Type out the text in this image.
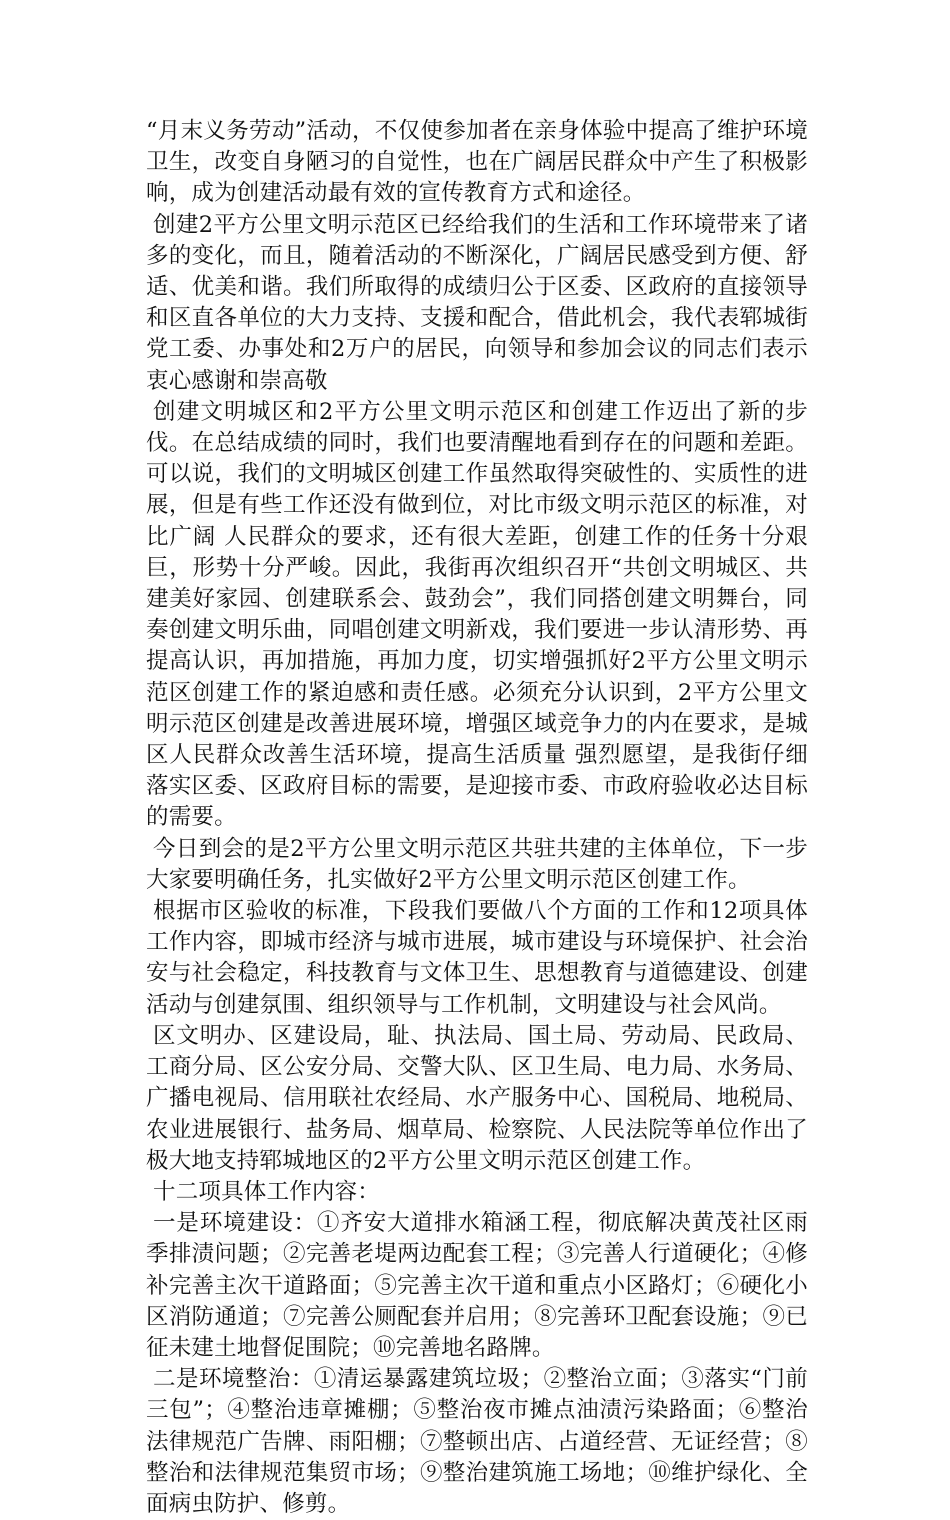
“月末义务劳动”活动，不仅使参加者在亲身体验中提高了维护环境卫生，改变自身陋习的自觉性，也在广阔居民群众中产生了积极影响，成为创建活动最有效的宣传教育方式和途径。

创建2平方公里文明示范区已经给我们的生活和工作环境带来了诸多的变化，而且，随着活动的不断深化，广阔居民感受到方便、舒适、优美和谐。我们所取得的成绩归公于区委、区政府的直接领导和区直各单位的大力支持、支援和配合，借此机会，我代表郓城街党工委、办事处和2万户的居民，向领导和参加会议的同志们表示衷心感谢和崇高敬

创建文明城区和2平方公里文明示范区和创建工作迈出了新的步伐。在总结成绩的同时，我们也要清醒地看到存在的问题和差距。可以说，我们的文明城区创建工作虽然取得突破性的、实质性的进展，但是有些工作还没有做到位，对比市级文明示范区的标准，对比广阔 人民群众的要求，还有很大差距，创建工作的任务十分艰巨，形势十分严峻。因此，我街再次组织召开“共创文明城区、共建美好家园、创建联系会、鼓劲会”，我们同搭创建文明舞台，同奏创建文明乐曲，同唱创建文明新戏，我们要进一步认清形势、再提高认识，再加措施，再加力度，切实增强抓好2平方公里文明示范区创建工作的紧迫感和责任感。必须充分认识到，2平方公里文明示范区创建是改善进展环境，增强区域竞争力的内在要求，是城区人民群众改善生活环境，提高生活质量 强烈愿望，是我街仔细落实区委、区政府目标的需要，是迎接市委、市政府验收必达目标的需要。

今日到会的是2平方公里文明示范区共驻共建的主体单位，下一步大家要明确任务，扎实做好2平方公里文明示范区创建工作。

根据市区验收的标准，下段我们要做八个方面的工作和12项具体工作内容，即城市经济与城市进展，城市建设与环境保护、社会治安与社会稳定，科技教育与文体卫生、思想教育与道德建设、创建活动与创建氛围、组织领导与工作机制，文明建设与社会风尚。

区文明办、区建设局，耻、执法局、国土局、劳动局、民政局、工商分局、区公安分局、交警大队、区卫生局、电力局、水务局、广播电视局、信用联社农经局、水产服务中心、国税局、地税局、农业进展银行、盐务局、烟草局、检察院、人民法院等单位作出了极大地支持郓城地区的2平方公里文明示范区创建工作。

十二项具体工作内容：

一是环境建设：①齐安大道排水箱涵工程，彻底解决黄茂社区雨季排渍问题；②完善老堤两边配套工程；③完善人行道硬化；④修补完善主次干道路面；⑤完善主次干道和重点小区路灯；⑥硬化小区消防通道；⑦完善公厕配套并启用；⑧完善环卫配套设施；⑨已征未建土地督促围院；⑩完善地名路牌。

二是环境整治：①清运暴露建筑垃圾；②整治立面；③落实“门前三包”；④整治违章摊棚；⑤整治夜市摊点油渍污染路面；⑥整治法律规范广告牌、雨阳棚；⑦整顿出店、占道经营、无证经营；⑧整治和法律规范集贸市场；⑨整治建筑施工场地；⑩维护绿化、全面病虫防护、修剪。
